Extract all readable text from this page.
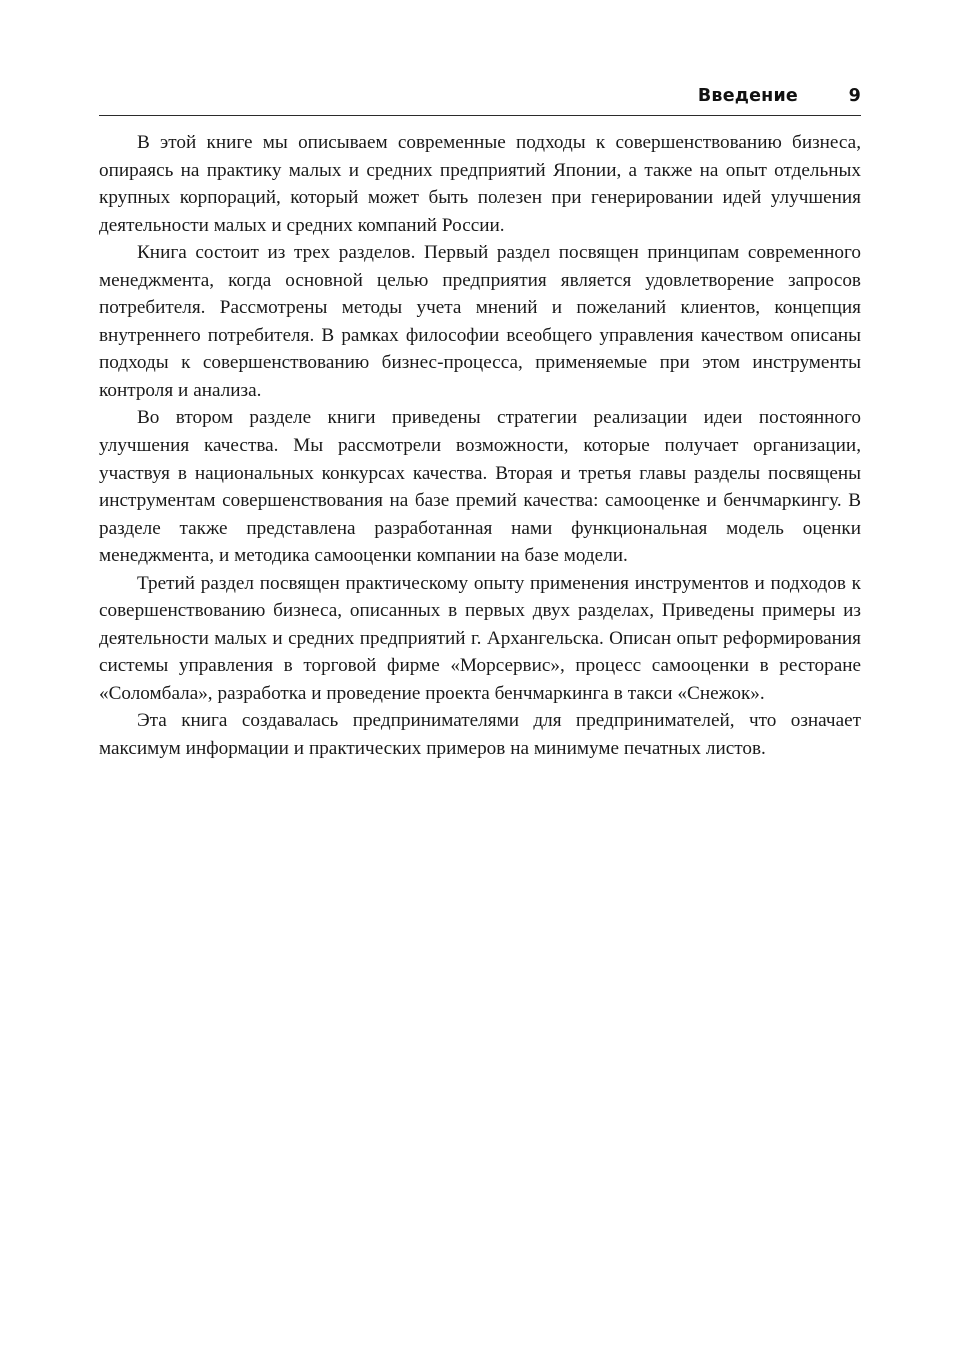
Введение	9

В этой книге мы описываем современные подходы к совершенствованию бизнеса, опираясь на практику малых и средних предприятий Японии, а также на опыт отдельных крупных корпораций, который может быть полезен при генерировании идей улучшения деятельности малых и средних компаний России.

Книга состоит из трех разделов. Первый раздел посвящен принципам современного менеджмента, когда основной целью предприятия является удовлетворение запросов потребителя. Рассмотрены методы учета мнений и пожеланий клиентов, концепция внутреннего потребителя. В рамках философии всеобщего управления качеством описаны подходы к совершенствованию бизнес-процесса, применяемые при этом инструменты контроля и анализа.

Во втором разделе книги приведены стратегии реализации идеи постоянного улучшения качества. Мы рассмотрели возможности, которые получает организации, участвуя в национальных конкурсах качества. Вторая и третья главы разделы посвящены инструментам совершенствования на базе премий качества: самооценке и бенчмаркингу. В разделе также представлена разработанная нами функциональная модель оценки менеджмента, и методика самооценки компании на базе модели.

Третий раздел посвящен практическому опыту применения инструментов и подходов к совершенствованию бизнеса, описанных в первых двух разделах, Приведены примеры из деятельности малых и средних предприятий г. Архангельска. Описан опыт реформирования системы управления в торговой фирме «Морсервис», процесс самооценки в ресторане «Соломбала», разработка и проведение проекта бенчмаркинга в такси «Снежок».

Эта книга создавалась предпринимателями для предпринимателей, что означает максимум информации и практических примеров на минимуме печатных листов.
